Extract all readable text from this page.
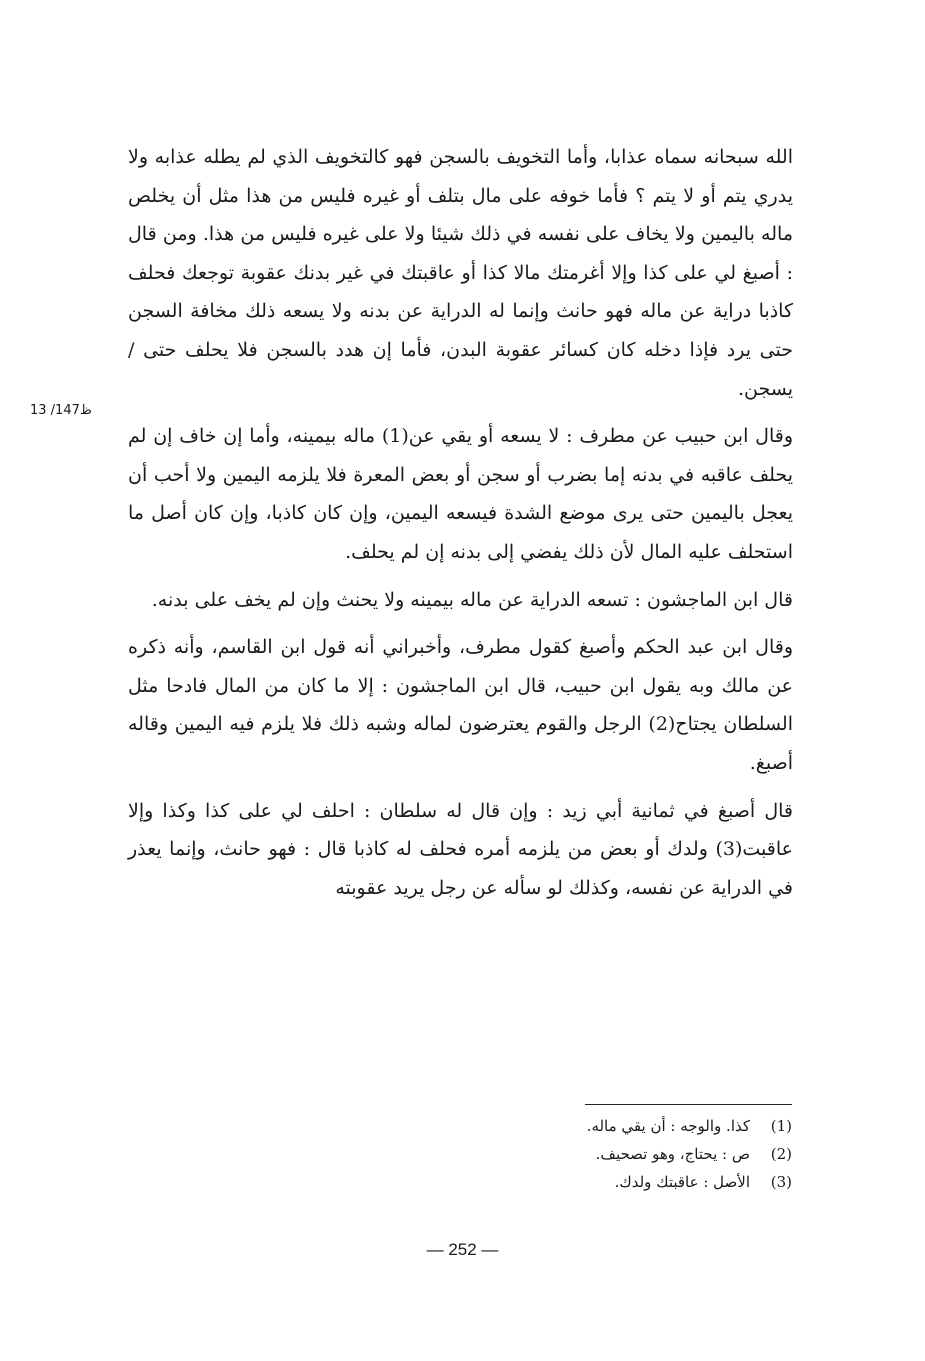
13 /147ظ

الله سبحانه سماه عذابا، وأما التخويف بالسجن فهو كالتخويف الذي لم يطله عذابه ولا يدري يتم أو لا يتم ؟ فأما خوفه على مال بتلف أو غيره فليس من هذا مثل أن يخلص ماله باليمين ولا يخاف على نفسه في ذلك شيئا ولا على غيره فليس من هذا. ومن قال : أصبغ لي على كذا وإلا أغرمتك مالا كذا أو عاقبتك في غير بدنك عقوبة توجعك فحلف كاذبا دراية عن ماله فهو حانث وإنما له الدراية عن بدنه ولا يسعه ذلك مخافة السجن حتى يرد فإذا دخله كان كسائر عقوبة البدن، فأما إن هدد بالسجن فلا يحلف حتى / يسجن.

وقال ابن حبيب عن مطرف : لا يسعه أو يقي عن(1) ماله بيمينه، وأما إن خاف إن لم يحلف عاقبه في بدنه إما بضرب أو سجن أو بعض المعرة فلا يلزمه اليمين ولا أحب أن يعجل باليمين حتى يرى موضع الشدة فيسعه اليمين، وإن كان كاذبا، وإن كان أصل ما استحلف عليه المال لأن ذلك يفضي إلى بدنه إن لم يحلف.

قال ابن الماجشون : تسعه الدراية عن ماله بيمينه ولا يحنث وإن لم يخف على بدنه.

وقال ابن عبد الحكم وأصبغ كقول مطرف، وأخبراني أنه قول ابن القاسم، وأنه ذكره عن مالك وبه يقول ابن حبيب، قال ابن الماجشون : إلا ما كان من المال فادحا مثل السلطان يجتاح(2) الرجل والقوم يعترضون لماله وشبه ذلك فلا يلزم فيه اليمين وقاله أصبغ.

قال أصبغ في ثمانية أبي زيد : وإن قال له سلطان : احلف لي على كذا وكذا وإلا عاقبت(3) ولدك أو بعض من يلزمه أمره فحلف له كاذبا قال : فهو حانث، وإنما يعذر في الدراية عن نفسه، وكذلك لو سأله عن رجل يريد عقوبته

(1)
كذا. والوجه : أن يقي ماله.
(2)
ص : يحتاج، وهو تصحيف.
(3)
الأصل : عاقبتك ولدك.
— 252 —
